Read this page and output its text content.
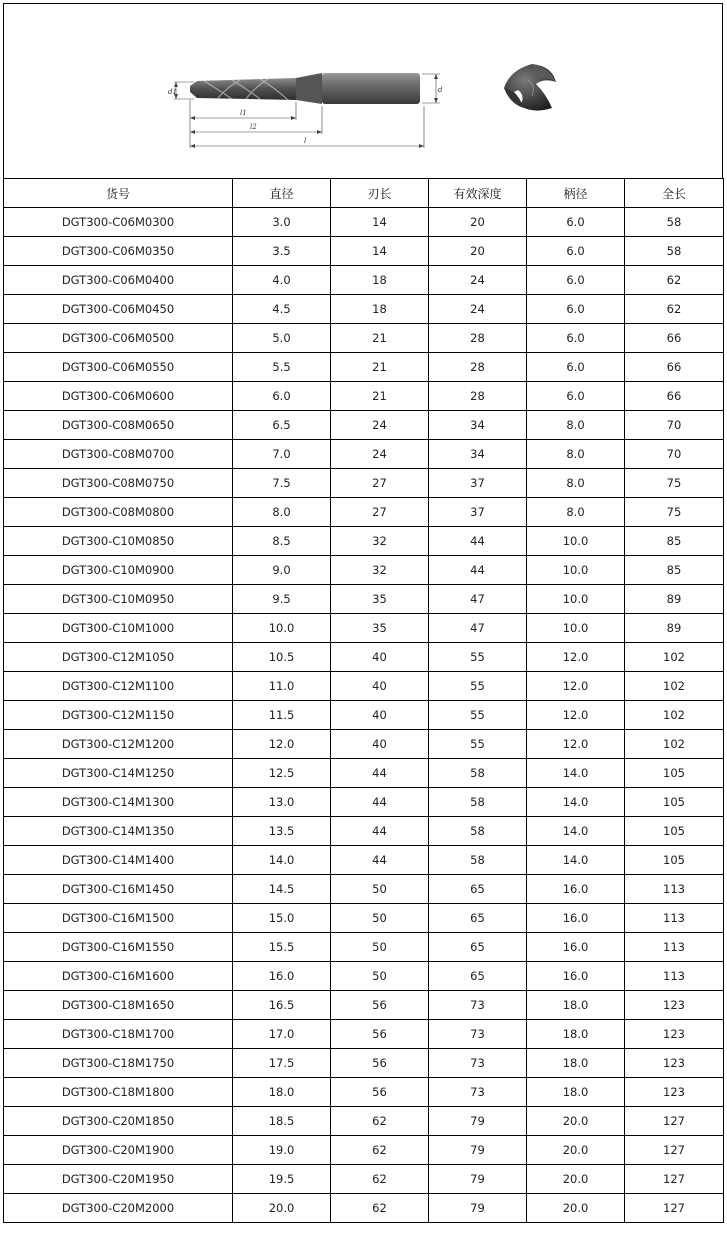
d1	d
l1
l2
l
货号	直径	刃长	有效深度	柄径	全长
DGT300-C06M0300	3.0	14	20	6.0	58
DGT300-C06M0350	3.5	14	20	6.0	58
DGT300-C06M0400	4.0	18	24	6.0	62
DGT300-C06M0450	4.5	18	24	6.0	62
DGT300-C06M0500	5.0	21	28	6.0	66
DGT300-C06M0550	5.5	21	28	6.0	66
DGT300-C06M0600	6.0	21	28	6.0	66
DGT300-C08M0650	6.5	24	34	8.0	70
DGT300-C08M0700	7.0	24	34	8.0	70
DGT300-C08M0750	7.5	27	37	8.0	75
DGT300-C08M0800	8.0	27	37	8.0	75
DGT300-C10M0850	8.5	32	44	10.0	85
DGT300-C10M0900	9.0	32	44	10.0	85
DGT300-C10M0950	9.5	35	47	10.0	89
DGT300-C10M1000	10.0	35	47	10.0	89
DGT300-C12M1050	10.5	40	55	12.0	102
DGT300-C12M1100	11.0	40	55	12.0	102
DGT300-C12M1150	11.5	40	55	12.0	102
DGT300-C12M1200	12.0	40	55	12.0	102
DGT300-C14M1250	12.5	44	58	14.0	105
DGT300-C14M1300	13.0	44	58	14.0	105
DGT300-C14M1350	13.5	44	58	14.0	105
DGT300-C14M1400	14.0	44	58	14.0	105
DGT300-C16M1450	14.5	50	65	16.0	113
DGT300-C16M1500	15.0	50	65	16.0	113
DGT300-C16M1550	15.5	50	65	16.0	113
DGT300-C16M1600	16.0	50	65	16.0	113
DGT300-C18M1650	16.5	56	73	18.0	123
DGT300-C18M1700	17.0	56	73	18.0	123
DGT300-C18M1750	17.5	56	73	18.0	123
DGT300-C18M1800	18.0	56	73	18.0	123
DGT300-C20M1850	18.5	62	79	20.0	127
DGT300-C20M1900	19.0	62	79	20.0	127
DGT300-C20M1950	19.5	62	79	20.0	127
DGT300-C20M2000	20.0	62	79	20.0	127
